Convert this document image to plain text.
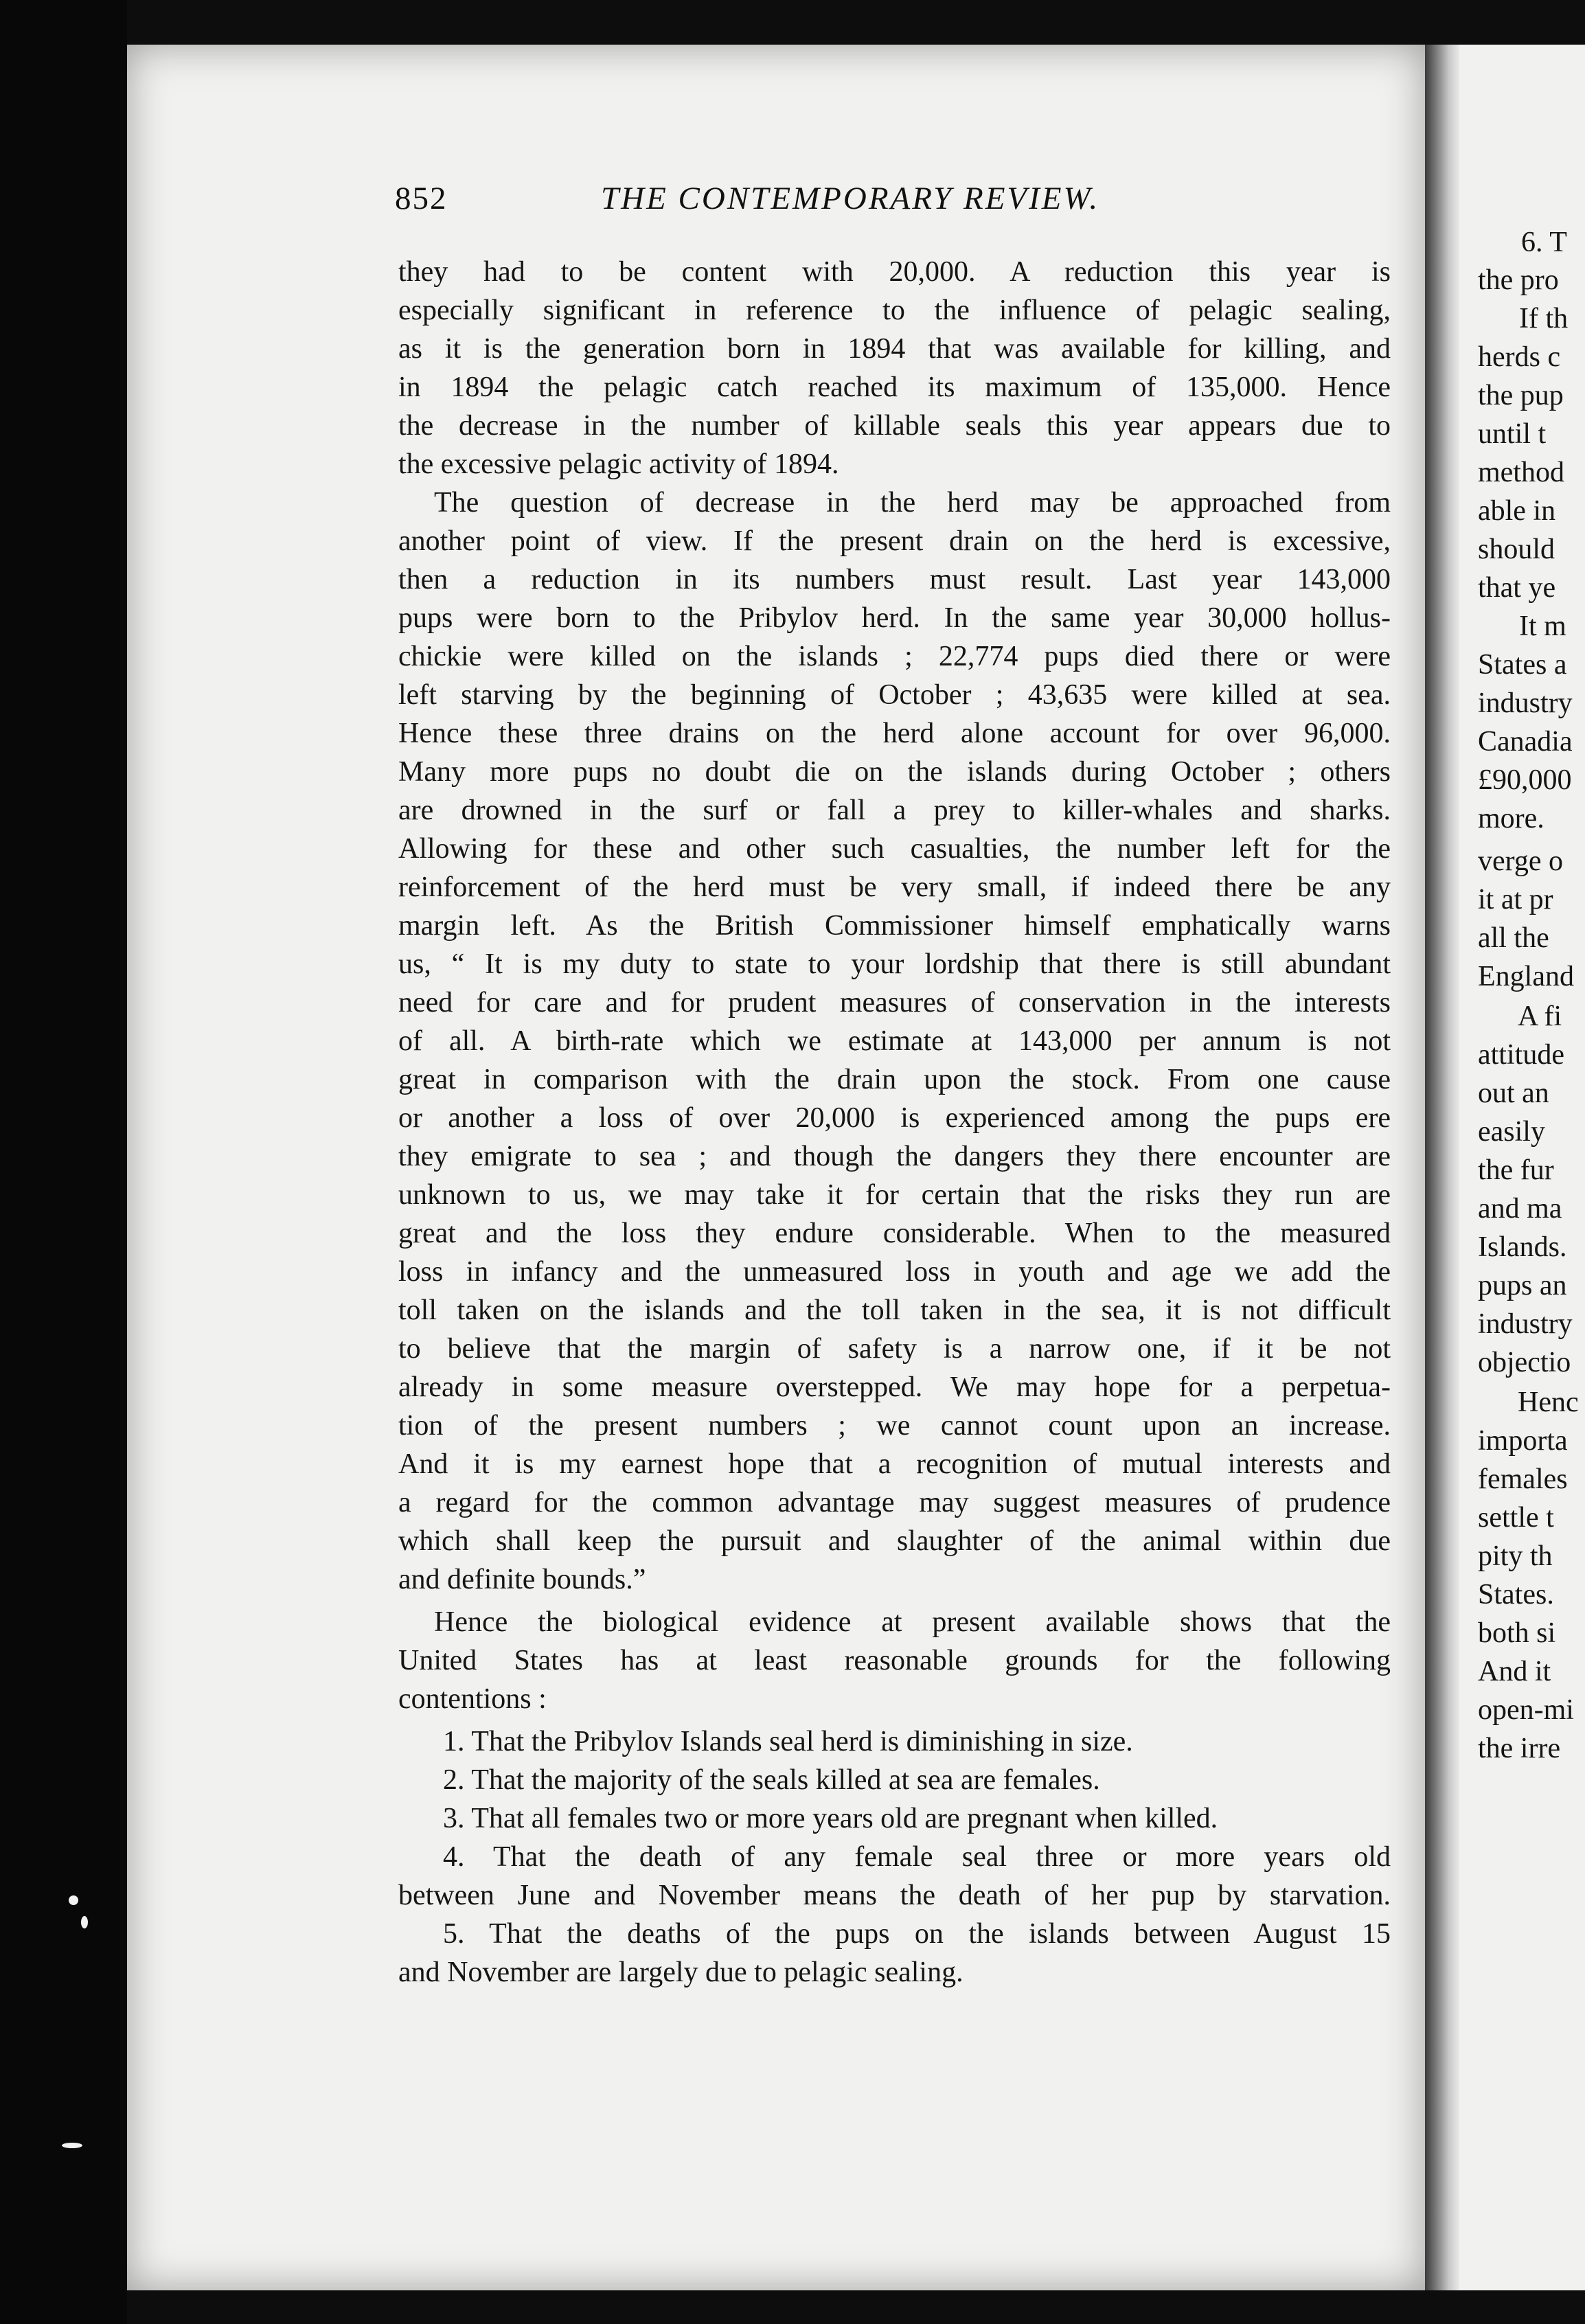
852	THE CONTEMPORARY REVIEW.
they had to be content with 20,000. A reduction this year is
especially significant in reference to the influence of pelagic sealing,
as it is the generation born in 1894 that was available for killing, and
in 1894 the pelagic catch reached its maximum of 135,000. Hence
the decrease in the number of killable seals this year appears due to
the excessive pelagic activity of 1894.
The question of decrease in the herd may be approached from
another point of view. If the present drain on the herd is excessive,
then a reduction in its numbers must result. Last year 143,000
pups were born to the Pribylov herd. In the same year 30,000 hollus-
chickie were killed on the islands ; 22,774 pups died there or were
left starving by the beginning of October ; 43,635 were killed at sea.
Hence these three drains on the herd alone account for over 96,000.
Many more pups no doubt die on the islands during October ; others
are drowned in the surf or fall a prey to killer-whales and sharks.
Allowing for these and other such casualties, the number left for the
reinforcement of the herd must be very small, if indeed there be any
margin left. As the British Commissioner himself emphatically warns
us, “ It is my duty to state to your lordship that there is still abundant
need for care and for prudent measures of conservation in the interests
of all. A birth-rate which we estimate at 143,000 per annum is not
great in comparison with the drain upon the stock. From one cause
or another a loss of over 20,000 is experienced among the pups ere
they emigrate to sea ; and though the dangers they there encounter are
unknown to us, we may take it for certain that the risks they run are
great and the loss they endure considerable. When to the measured
loss in infancy and the unmeasured loss in youth and age we add the
toll taken on the islands and the toll taken in the sea, it is not difficult
to believe that the margin of safety is a narrow one, if it be not
already in some measure overstepped. We may hope for a perpetua-
tion of the present numbers ; we cannot count upon an increase.
And it is my earnest hope that a recognition of mutual interests and
a regard for the common advantage may suggest measures of prudence
which shall keep the pursuit and slaughter of the animal within due
and definite bounds.”
Hence the biological evidence at present available shows that the
United States has at least reasonable grounds for the following
contentions :
1. That the Pribylov Islands seal herd is diminishing in size.
2. That the majority of the seals killed at sea are females.
3. That all females two or more years old are pregnant when killed.
4. That the death of any female seal three or more years old
between June and November means the death of her pup by starvation.
5. That the deaths of the pups on the islands between August 15
and November are largely due to pelagic sealing.
6. T
the pro
If th
herds c
the pup
until t
method
able in
should
that ye
It m
States a
industry
Canadia
£90,000
more.
verge o
it at pr
all the
England
A fi
attitude
out an
easily
the fur
and ma
Islands.
pups an
industry
objectio
Henc
importa
females
settle t
pity th
States.
both si
And it
open-mi
the irre
